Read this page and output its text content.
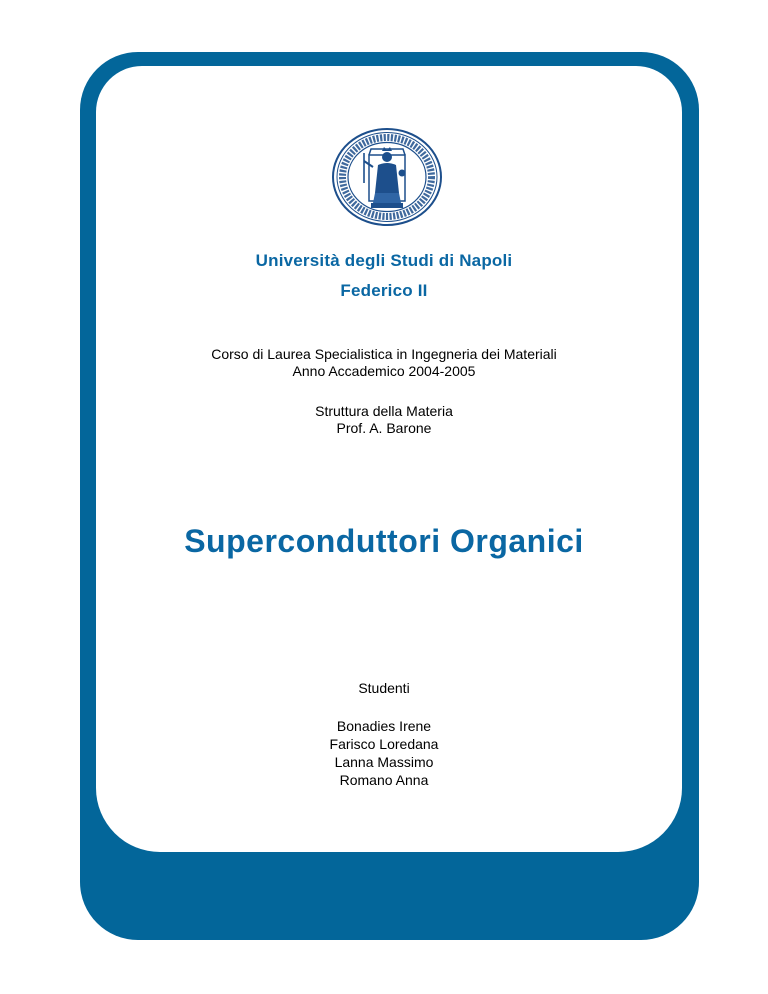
Università degli Studi di Napoli
Federico II
Corso di Laurea Specialistica in Ingegneria dei Materiali
Anno Accademico 2004-2005
Struttura della Materia
Prof. A. Barone
Superconduttori Organici
Studenti
Bonadies Irene
Farisco Loredana
Lanna Massimo
Romano Anna
